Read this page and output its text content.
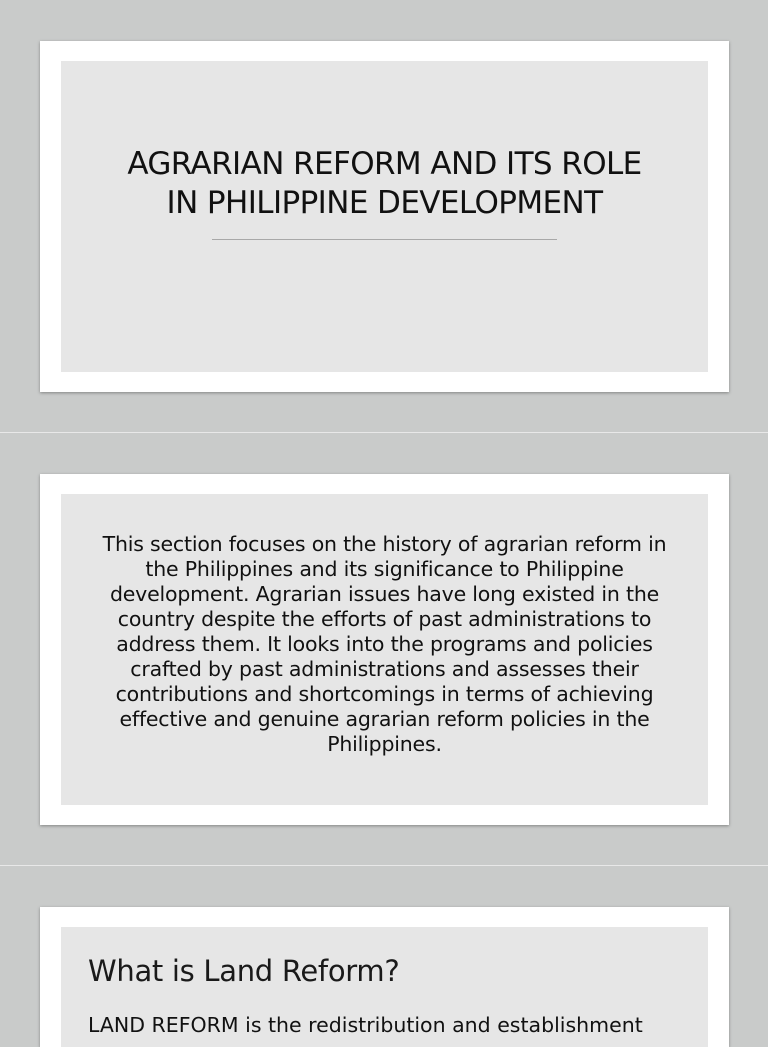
AGRARIAN REFORM AND ITS ROLE
IN PHILIPPINE DEVELOPMENT
This section focuses on the history of agrarian reform in the Philippines and its significance to Philippine development. Agrarian issues have long existed in the country despite the efforts of past administrations to address them. It looks into the programs and policies crafted by past administrations and assesses their contributions and shortcomings in terms of achieving effective and genuine agrarian reform policies in the Philippines.
What is Land Reform?
LAND REFORM is the redistribution and establishment
